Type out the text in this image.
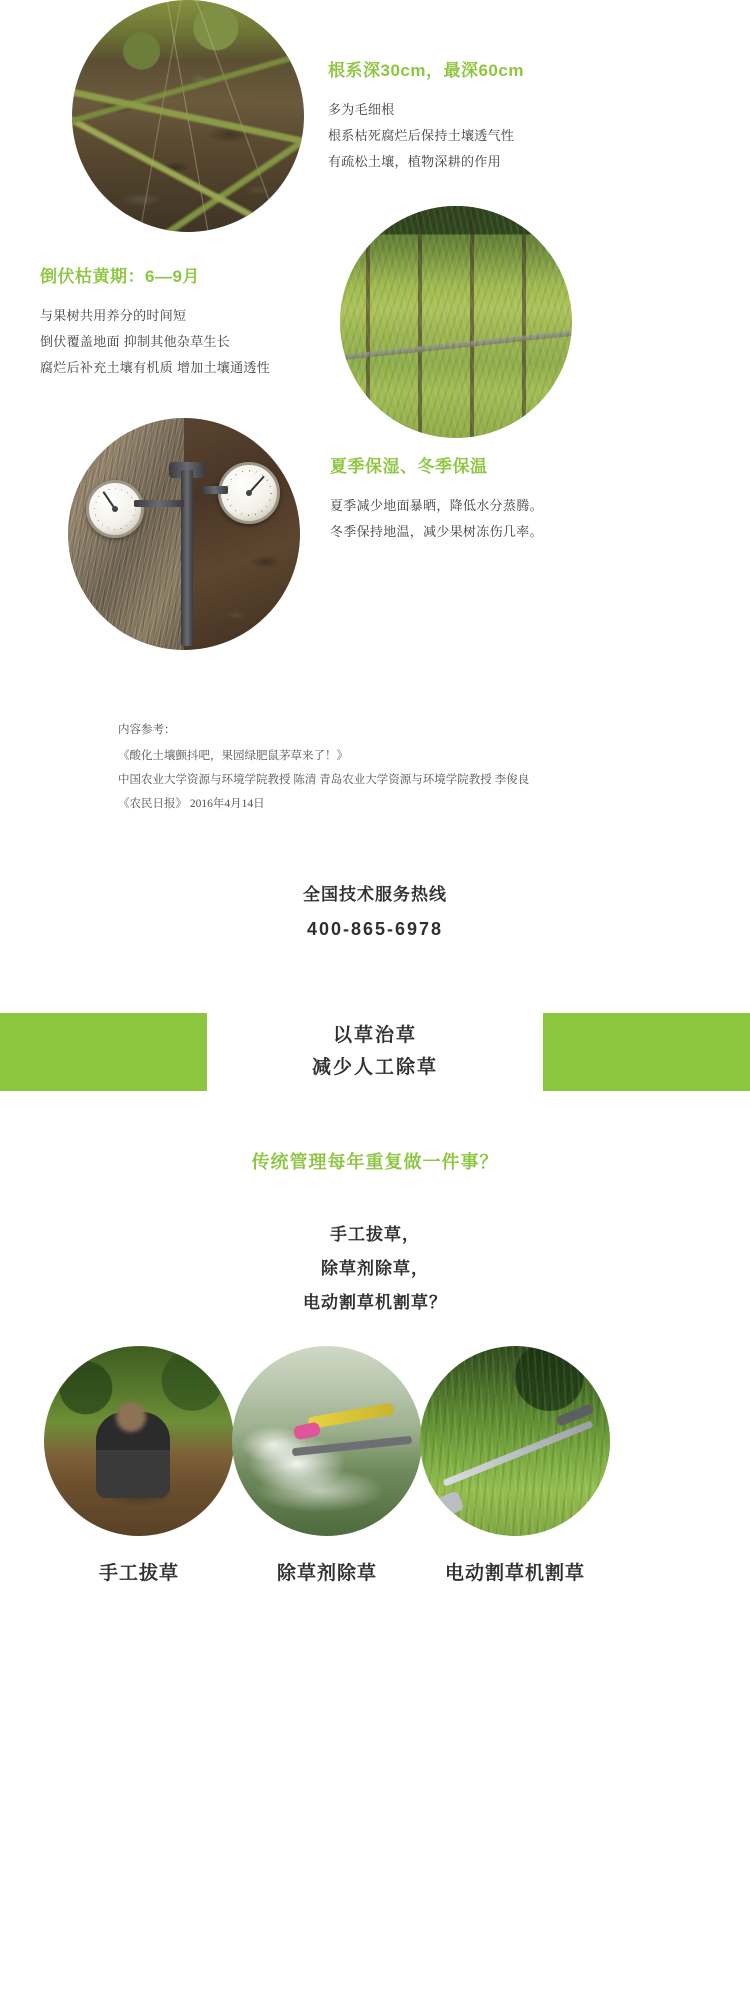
根系深30cm，最深60cm
多为毛细根
根系枯死腐烂后保持土壤透气性
有疏松土壤，植物深耕的作用
倒伏枯黄期：6—9月
与果树共用养分的时间短
倒伏覆盖地面 抑制其他杂草生长
腐烂后补充土壤有机质 增加土壤通透性
夏季保湿、冬季保温
夏季减少地面暴晒，降低水分蒸腾。
冬季保持地温，减少果树冻伤几率。
内容参考：
《酸化土壤颤抖吧，果园绿肥鼠茅草来了！》
中国农业大学资源与环境学院教授 陈清 青岛农业大学资源与环境学院教授 李俊良
《农民日报》 2016年4月14日
全国技术服务热线
400-865-6978
以草治草
减少人工除草
传统管理每年重复做一件事？
手工拔草，
除草剂除草，
电动割草机割草？
手工拔草	除草剂除草	电动割草机割草
